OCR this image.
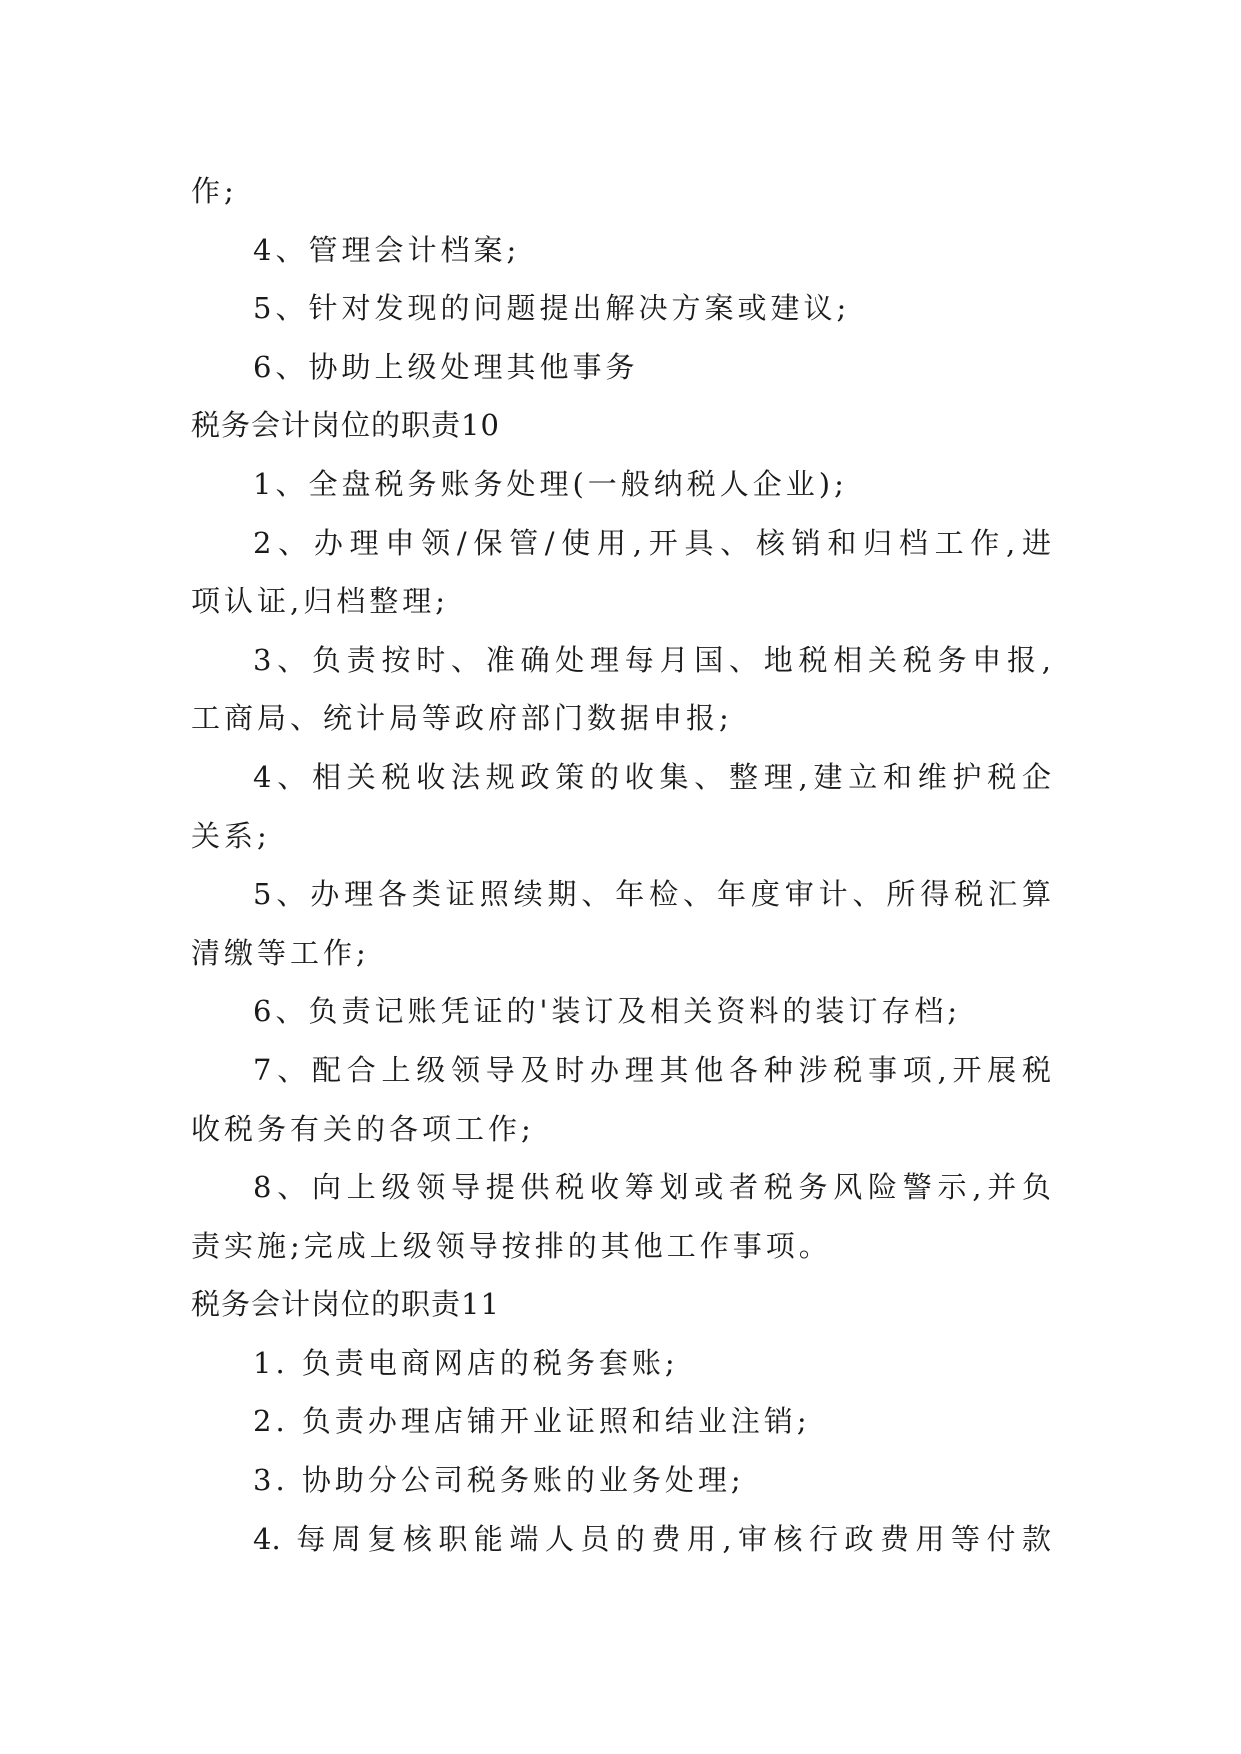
作;
4、管理会计档案;
5、针对发现的问题提出解决方案或建议;
6、协助上级处理其他事务
税务会计岗位的职责10
1、全盘税务账务处理(一般纳税人企业);
2、办理申领/保管/使用,开具、核销和归档工作,进
项认证,归档整理;
3、负责按时、准确处理每月国、地税相关税务申报,
工商局、统计局等政府部门数据申报;
4、相关税收法规政策的收集、整理,建立和维护税企
关系;
5、办理各类证照续期、年检、年度审计、所得税汇算
清缴等工作;
6、负责记账凭证的'装订及相关资料的装订存档;
7、配合上级领导及时办理其他各种涉税事项,开展税
收税务有关的各项工作;
8、向上级领导提供税收筹划或者税务风险警示,并负
责实施;完成上级领导按排的其他工作事项。
税务会计岗位的职责11
1. 负责电商网店的税务套账;
2. 负责办理店铺开业证照和结业注销;
3. 协助分公司税务账的业务处理;
4. 每周复核职能端人员的费用,审核行政费用等付款
